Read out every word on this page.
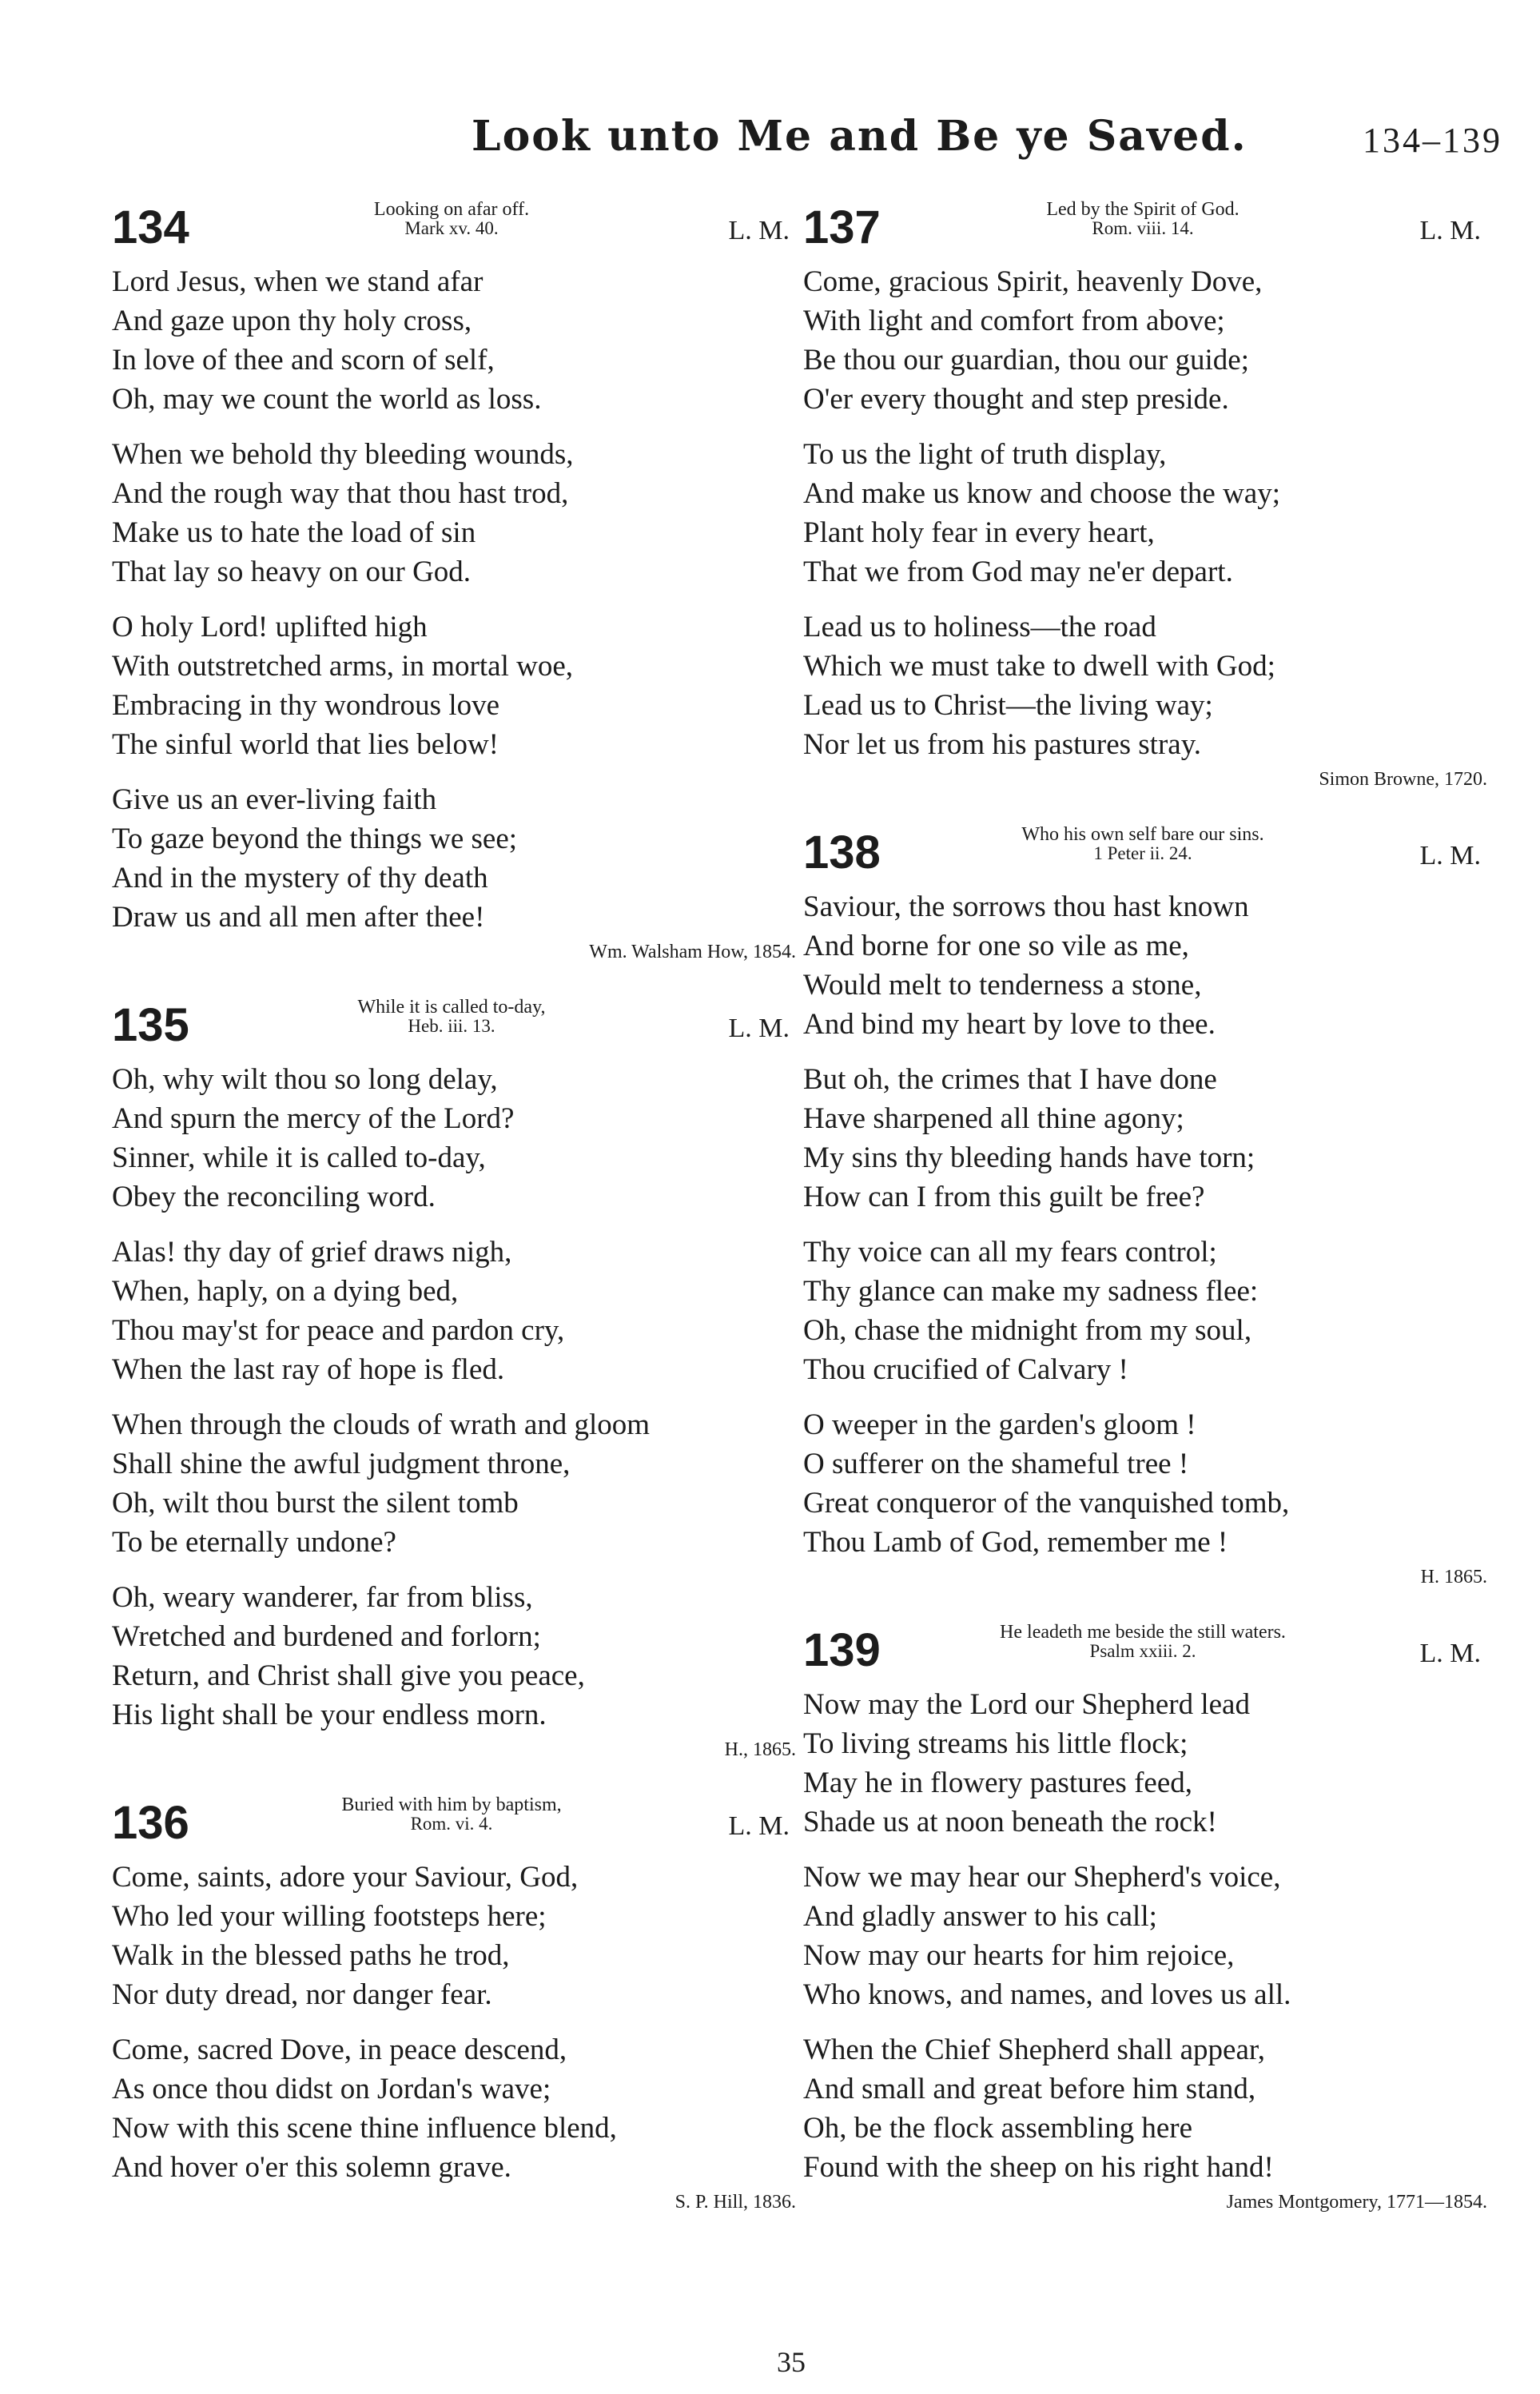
Look unto Me and Be ye Saved.	134–139
134	Looking on afar off.
Mark xv. 40.	L. M.
Lord Jesus, when we stand afar
And gaze upon thy holy cross,
In love of thee and scorn of self,
Oh, may we count the world as loss.
When we behold thy bleeding wounds,
And the rough way that thou hast trod,
Make us to hate the load of sin
That lay so heavy on our God.
O holy Lord! uplifted high
With outstretched arms, in mortal woe,
Embracing in thy wondrous love
The sinful world that lies below!
Give us an ever-living faith
To gaze beyond the things we see;
And in the mystery of thy death
Draw us and all men after thee!
Wm. Walsham How, 1854.
135	While it is called to-day,
Heb. iii. 13.	L. M.
Oh, why wilt thou so long delay,
And spurn the mercy of the Lord?
Sinner, while it is called to-day,
Obey the reconciling word.
Alas! thy day of grief draws nigh,
When, haply, on a dying bed,
Thou may'st for peace and pardon cry,
When the last ray of hope is fled.
When through the clouds of wrath and gloom
Shall shine the awful judgment throne,
Oh, wilt thou burst the silent tomb
To be eternally undone?
Oh, weary wanderer, far from bliss,
Wretched and burdened and forlorn;
Return, and Christ shall give you peace,
His light shall be your endless morn.
H., 1865.
136	Buried with him by baptism,
Rom. vi. 4.	L. M.
Come, saints, adore your Saviour, God,
Who led your willing footsteps here;
Walk in the blessed paths he trod,
Nor duty dread, nor danger fear.
Come, sacred Dove, in peace descend,
As once thou didst on Jordan's wave;
Now with this scene thine influence blend,
And hover o'er this solemn grave.
S. P. Hill, 1836.
137	Led by the Spirit of God.
Rom. viii. 14.	L. M.
Come, gracious Spirit, heavenly Dove,
With light and comfort from above;
Be thou our guardian, thou our guide;
O'er every thought and step preside.
To us the light of truth display,
And make us know and choose the way;
Plant holy fear in every heart,
That we from God may ne'er depart.
Lead us to holiness—the road
Which we must take to dwell with God;
Lead us to Christ—the living way;
Nor let us from his pastures stray.
Simon Browne, 1720.
138	Who his own self bare our sins.
1 Peter ii. 24.	L. M.
Saviour, the sorrows thou hast known
And borne for one so vile as me,
Would melt to tenderness a stone,
And bind my heart by love to thee.
But oh, the crimes that I have done
Have sharpened all thine agony;
My sins thy bleeding hands have torn;
How can I from this guilt be free?
Thy voice can all my fears control;
Thy glance can make my sadness flee:
Oh, chase the midnight from my soul,
Thou crucified of Calvary !
O weeper in the garden's gloom !
O sufferer on the shameful tree !
Great conqueror of the vanquished tomb,
Thou Lamb of God, remember me !
H. 1865.
139	He leadeth me beside the still waters.
Psalm xxiii. 2.	L. M.
Now may the Lord our Shepherd lead
To living streams his little flock;
May he in flowery pastures feed,
Shade us at noon beneath the rock!
Now we may hear our Shepherd's voice,
And gladly answer to his call;
Now may our hearts for him rejoice,
Who knows, and names, and loves us all.
When the Chief Shepherd shall appear,
And small and great before him stand,
Oh, be the flock assembling here
Found with the sheep on his right hand!
James Montgomery, 1771—1854.
35
